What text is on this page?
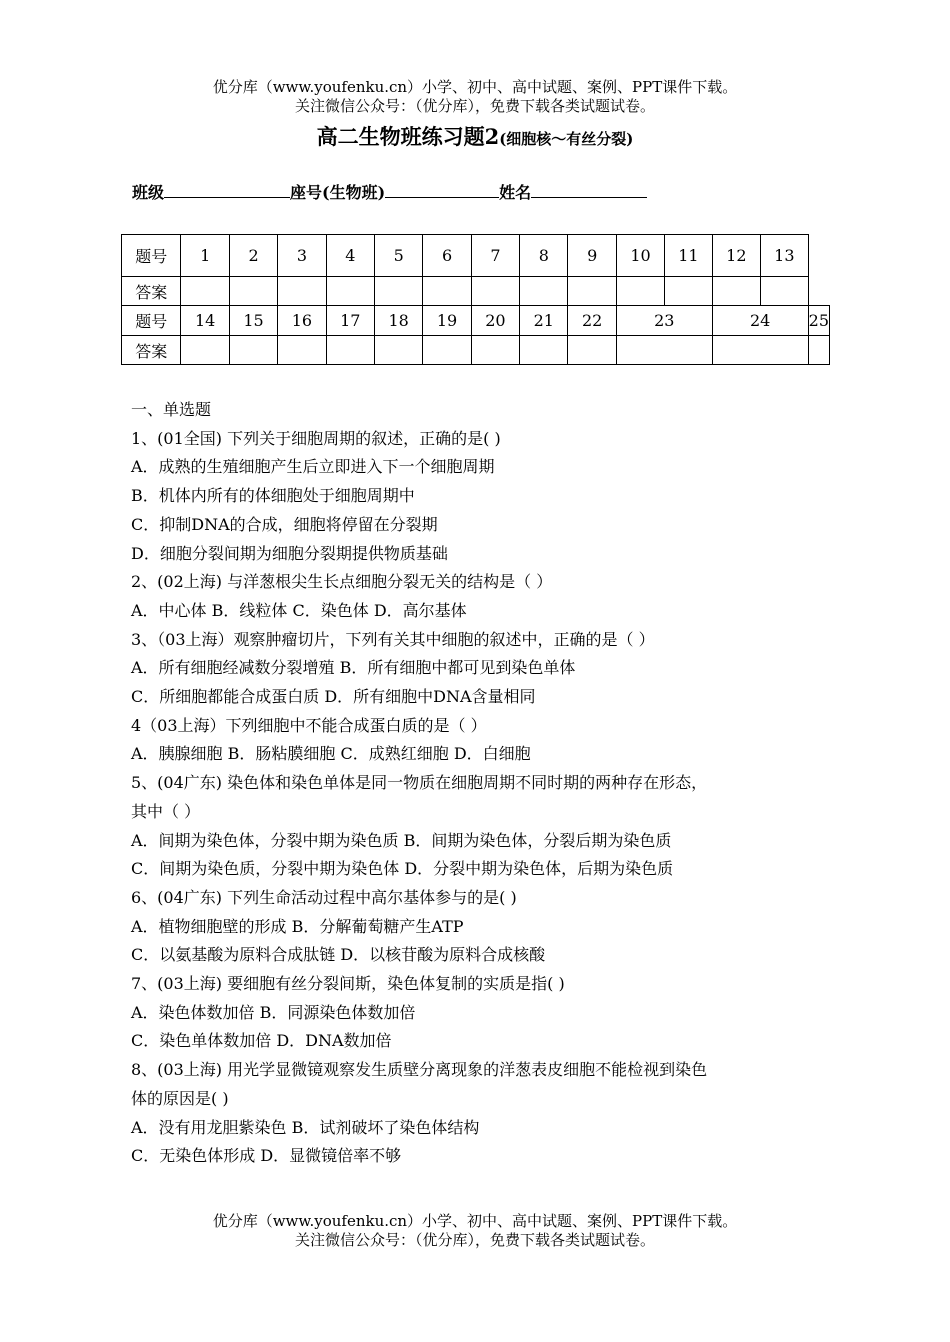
优分库（www.youfenku.cn）小学、初中、高中试题、案例、PPT课件下载。
关注微信公众号：（优分库），免费下载各类试题试卷。
高二生物班练习题2(细胞核～有丝分裂)
班级	座号(生物班)	姓名
题号	1	2	3	4	5	6	7	8	9	10	11	12	13	
答案														
题号	14	15	16	17	18	19	20	21	22	23		24		25
答案														
一、单选题
1、(01全国) 下列关于细胞周期的叙述，正确的是( )
A．成熟的生殖细胞产生后立即进入下一个细胞周期
B．机体内所有的体细胞处于细胞周期中
C．抑制DNA的合成，细胞将停留在分裂期
D．细胞分裂间期为细胞分裂期提供物质基础
2、(02上海) 与洋葱根尖生长点细胞分裂无关的结构是（ ）
A．中心体 B．线粒体 C．染色体 D．高尔基体
3、（03上海）观察肿瘤切片，下列有关其中细胞的叙述中，正确的是（ ）
A．所有细胞经减数分裂增殖 B．所有细胞中都可见到染色单体
C．所细胞都能合成蛋白质 D．所有细胞中DNA含量相同
4（03上海）下列细胞中不能合成蛋白质的是（ ）
A．胰腺细胞 B．肠粘膜细胞 C．成熟红细胞 D．白细胞
5、(04广东) 染色体和染色单体是同一物质在细胞周期不同时期的两种存在形态，
其中（ ）
A．间期为染色体，分裂中期为染色质 B．间期为染色体，分裂后期为染色质
C．间期为染色质，分裂中期为染色体 D．分裂中期为染色体，后期为染色质
6、(04广东) 下列生命活动过程中高尔基体参与的是( )
A．植物细胞壁的形成 B．分解葡萄糖产生ATP
C．以氨基酸为原料合成肽链 D．以核苷酸为原料合成核酸
7、(03上海) 要细胞有丝分裂间斯，染色体复制的实质是指( )
A．染色体数加倍 B．同源染色体数加倍
C．染色单体数加倍 D．DNA数加倍
8、(03上海) 用光学显微镜观察发生质壁分离现象的洋葱表皮细胞不能检视到染色
体的原因是( )
A．没有用龙胆紫染色 B．试剂破坏了染色体结构
C．无染色体形成 D．显微镜倍率不够
优分库（www.youfenku.cn）小学、初中、高中试题、案例、PPT课件下载。
关注微信公众号：（优分库），免费下载各类试题试卷。
